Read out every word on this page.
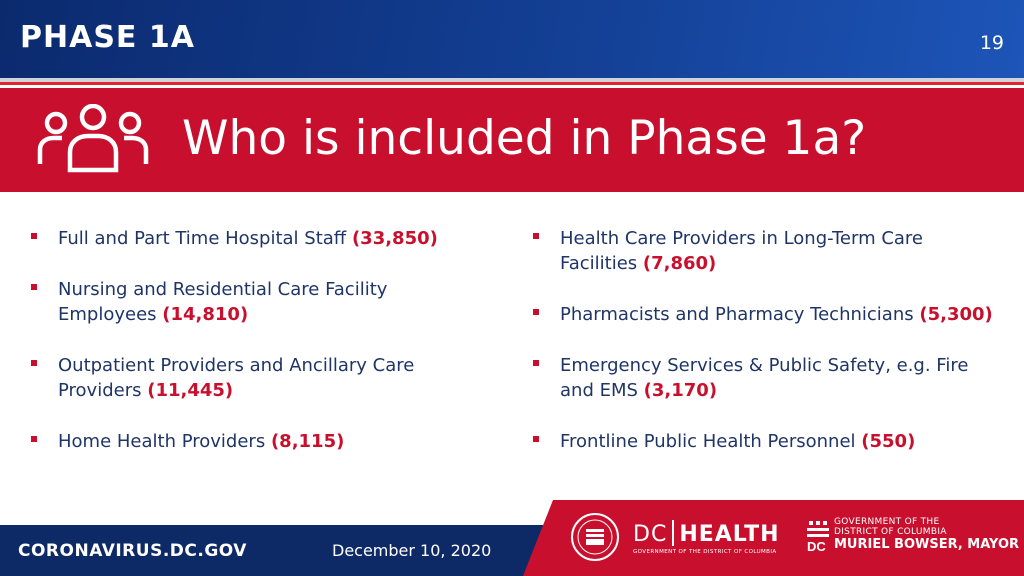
PHASE 1A	19
Who is included in Phase 1a?
Full and Part Time Hospital Staff (33,850)
Nursing and Residential Care Facility Employees (14,810)
Outpatient Providers and Ancillary Care Providers (11,445)
Home Health Providers (8,115)
Health Care Providers in Long-Term Care Facilities (7,860)
Pharmacists and Pharmacy Technicians (5,300)
Emergency Services & Public Safety, e.g. Fire and EMS (3,170)
Frontline Public Health Personnel (550)
CORONAVIRUS.DC.GOV	December 10, 2020
DC HEALTH
GOVERNMENT OF THE DISTRICT OF COLUMBIA DC
GOVERNMENT OF THE
DISTRICT OF COLUMBIA
MURIEL BOWSER, MAYOR
